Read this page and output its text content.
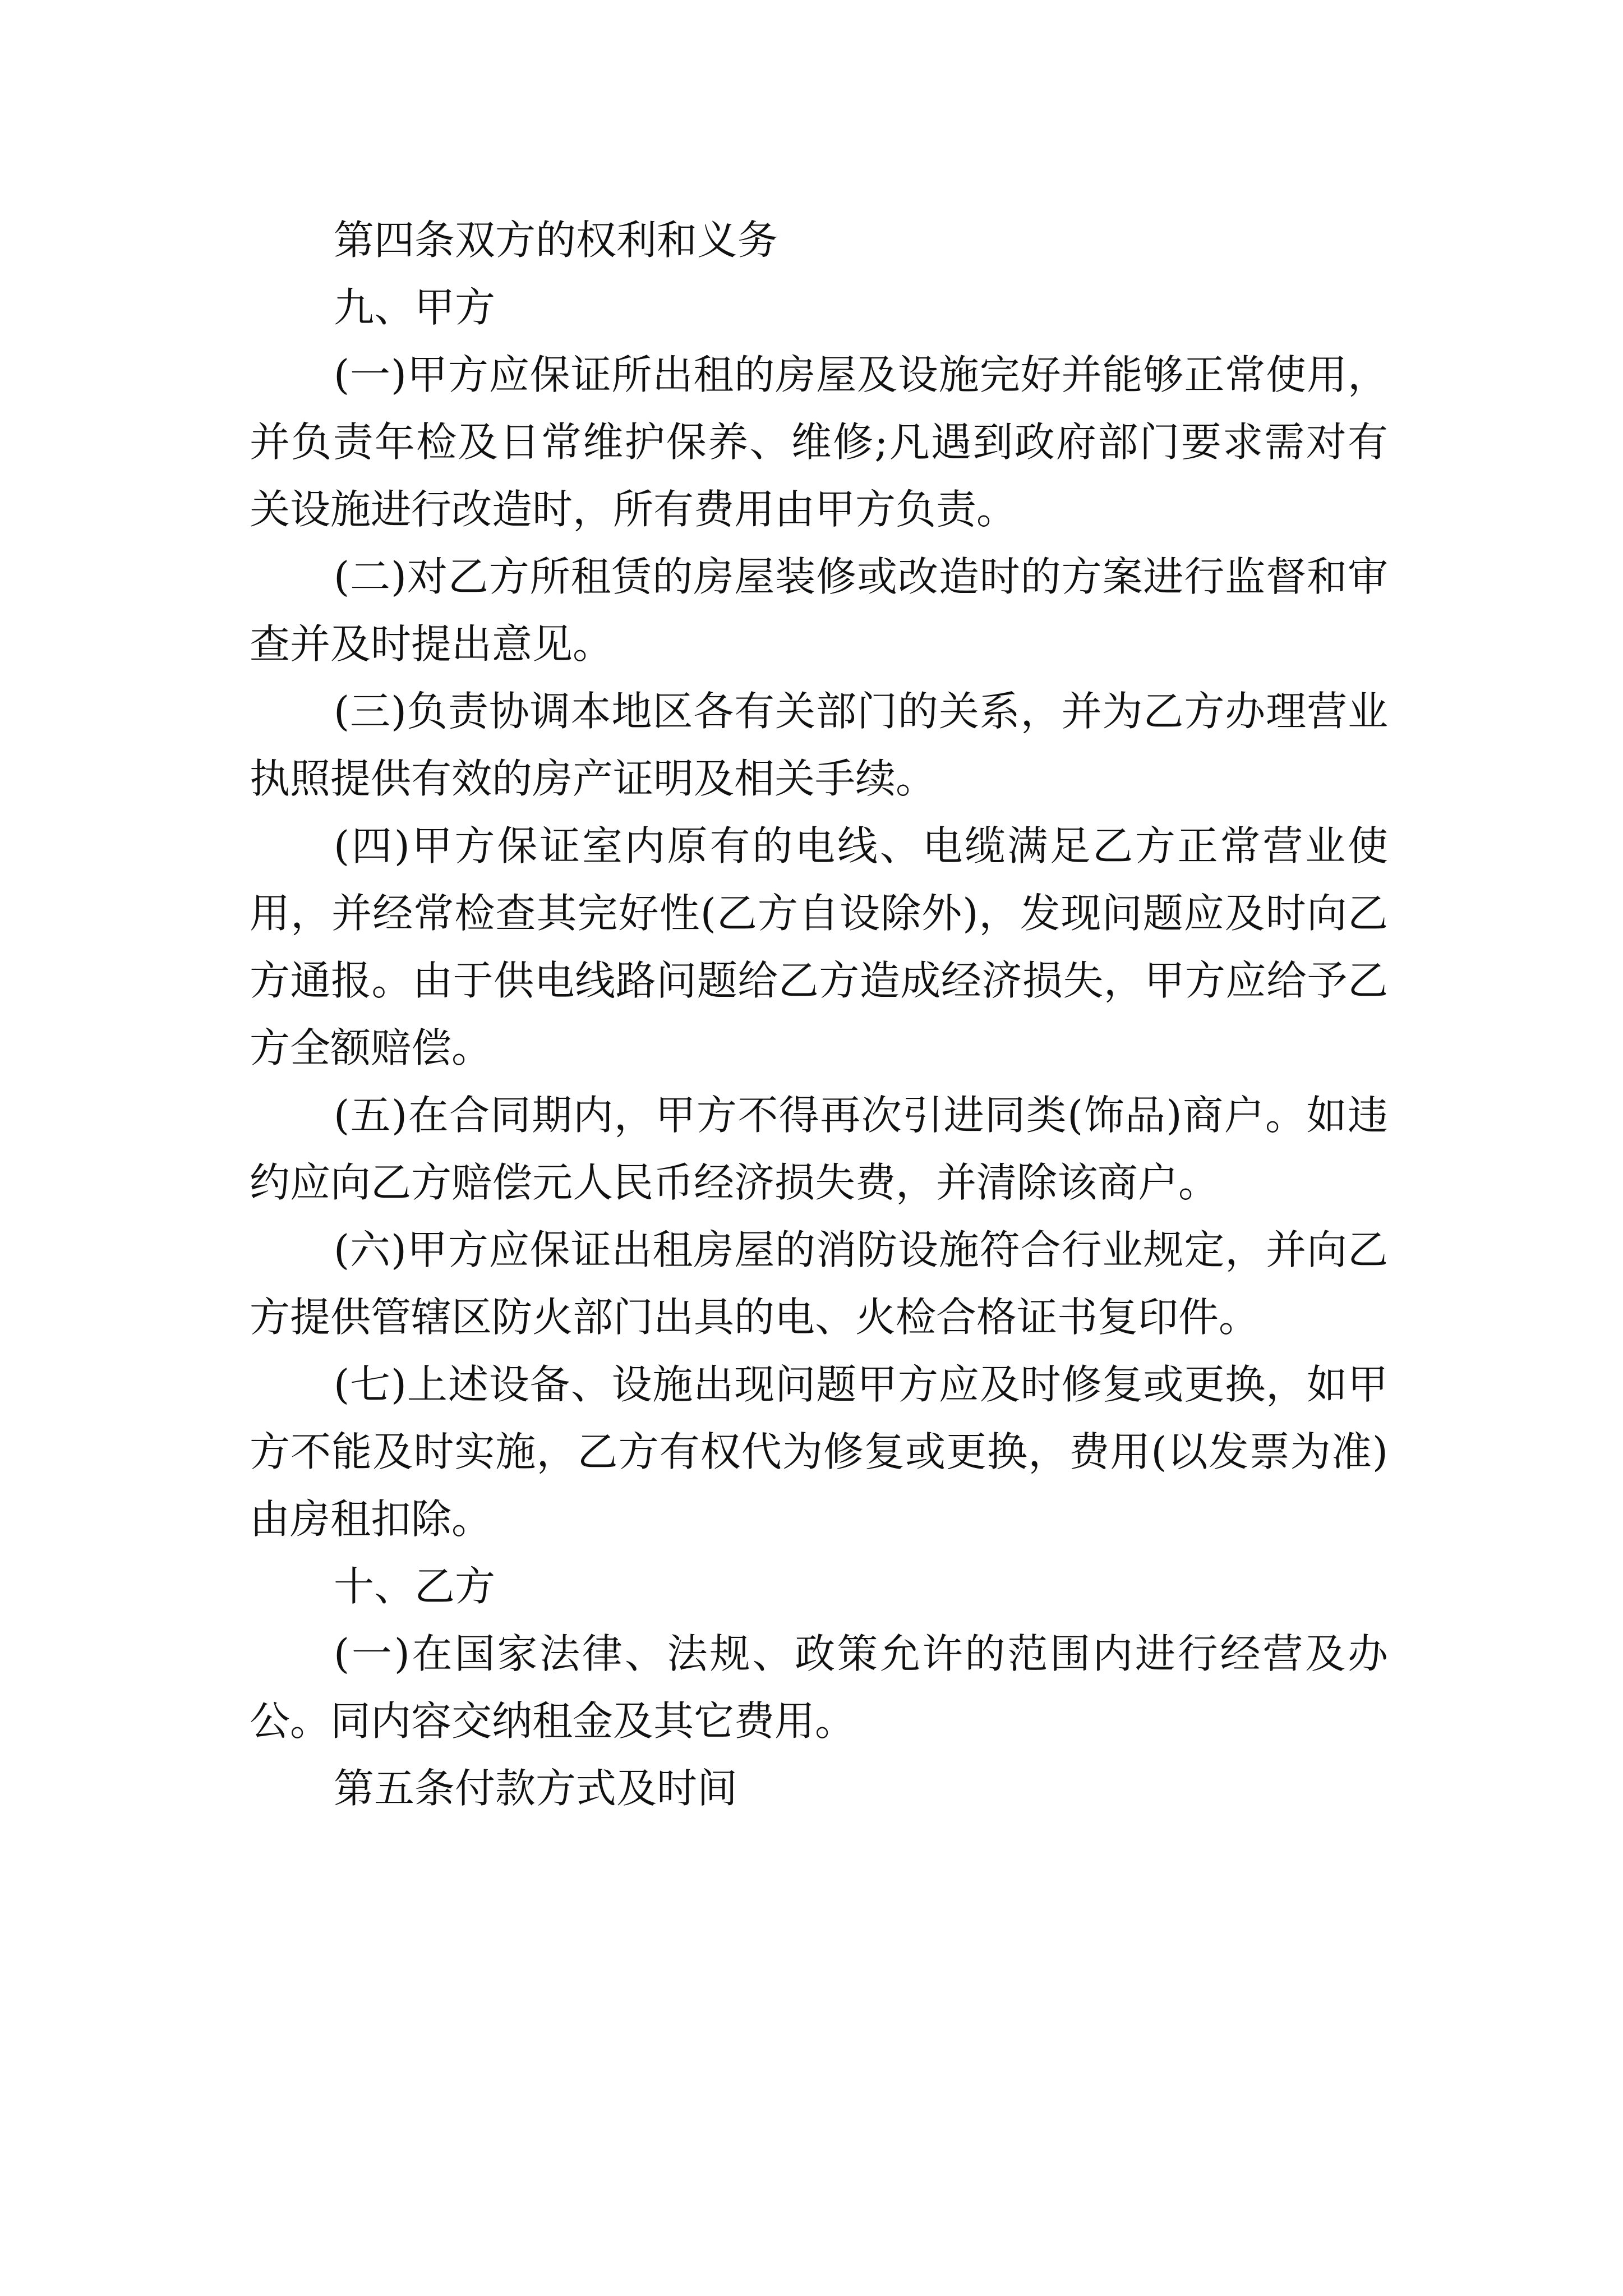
第四条双方的权利和义务

九、甲方

(一)甲方应保证所出租的房屋及设施完好并能够正常使用，并负责年检及日常维护保养、维修;凡遇到政府部门要求需对有关设施进行改造时，所有费用由甲方负责。

(二)对乙方所租赁的房屋装修或改造时的方案进行监督和审查并及时提出意见。

(三)负责协调本地区各有关部门的关系，并为乙方办理营业执照提供有效的房产证明及相关手续。

(四)甲方保证室内原有的电线、电缆满足乙方正常营业使用，并经常检查其完好性(乙方自设除外)，发现问题应及时向乙方通报。由于供电线路问题给乙方造成经济损失，甲方应给予乙方全额赔偿。

(五)在合同期内，甲方不得再次引进同类(饰品)商户。如违约应向乙方赔偿元人民币经济损失费，并清除该商户。

(六)甲方应保证出租房屋的消防设施符合行业规定，并向乙方提供管辖区防火部门出具的电、火检合格证书复印件。

(七)上述设备、设施出现问题甲方应及时修复或更换，如甲方不能及时实施，乙方有权代为修复或更换，费用(以发票为准)由房租扣除。

十、乙方

(一)在国家法律、法规、政策允许的范围内进行经营及办公。同内容交纳租金及其它费用。

第五条付款方式及时间
